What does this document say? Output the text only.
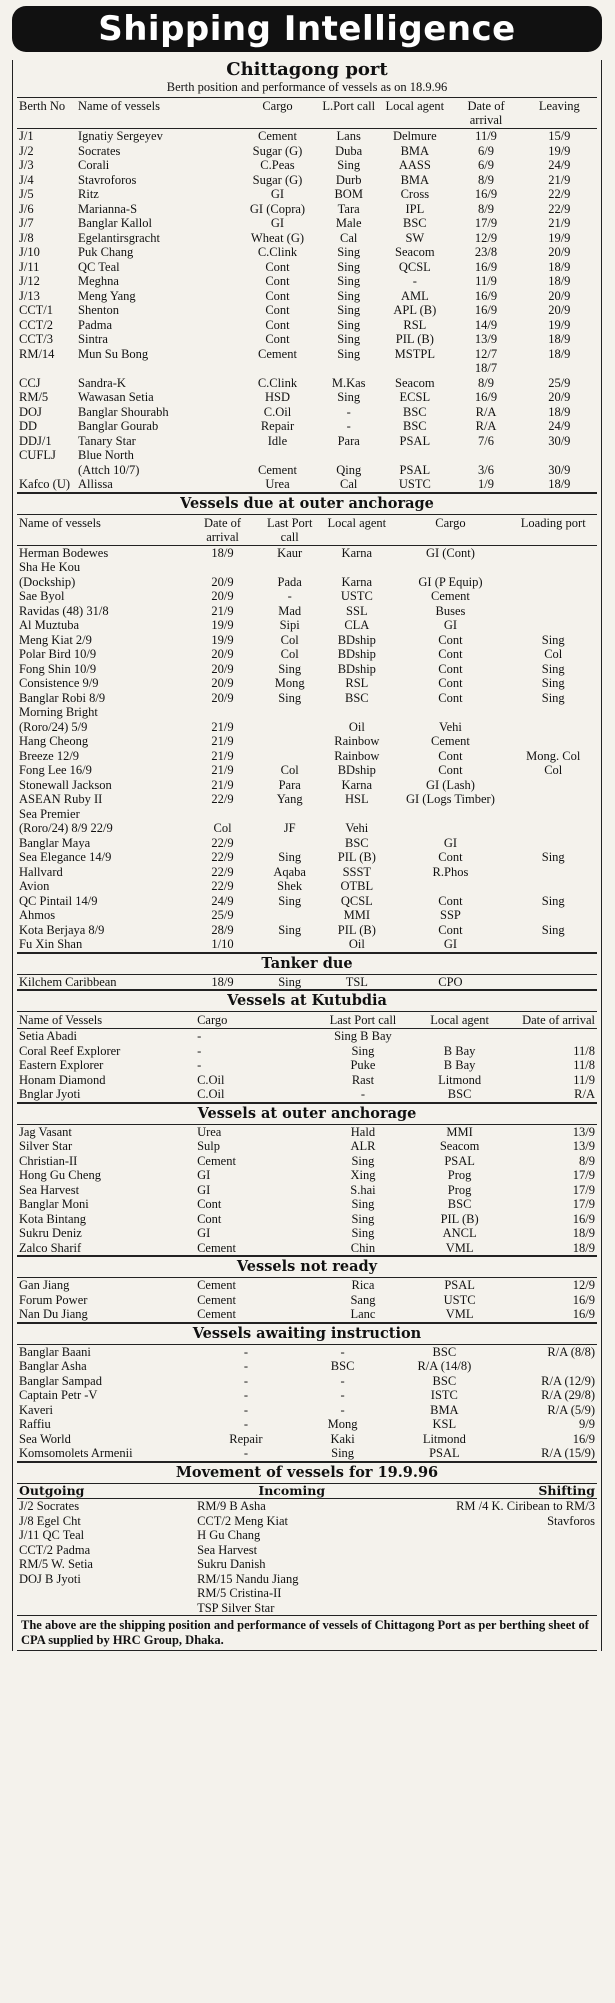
Shipping Intelligence
Chittagong port
Berth position and performance of vessels as on 18.9.96
Berth No	Name of vessels	Cargo	L.Port call	Local agent	Date of arrival	Leaving
J/1	Ignatiy Sergeyev	Cement	Lans	Delmure	11/9	15/9
J/2	Socrates	Sugar (G)	Duba	BMA	6/9	19/9
J/3	Corali	C.Peas	Sing	AASS	6/9	24/9
J/4	Stavroforos	Sugar (G)	Durb	BMA	8/9	21/9
J/5	Ritz	GI	BOM	Cross	16/9	22/9
J/6	Marianna-S	GI (Copra)	Tara	IPL	8/9	22/9
J/7	Banglar Kallol	GI	Male	BSC	17/9	21/9
J/8	Egelantirsgracht	Wheat (G)	Cal	SW	12/9	19/9
J/10	Puk Chang	C.Clink	Sing	Seacom	23/8	20/9
J/11	QC Teal	Cont	Sing	QCSL	16/9	18/9
J/12	Meghna	Cont	Sing	-	11/9	18/9
J/13	Meng Yang	Cont	Sing	AML	16/9	20/9
CCT/1	Shenton	Cont	Sing	APL (B)	16/9	20/9
CCT/2	Padma	Cont	Sing	RSL	14/9	19/9
CCT/3	Sintra	Cont	Sing	PIL (B)	13/9	18/9
RM/14	Mun Su Bong	Cement	Sing	MSTPL	12/7	18/9
					18/7	
CCJ	Sandra-K	C.Clink	M.Kas	Seacom	8/9	25/9
RM/5	Wawasan Setia	HSD	Sing	ECSL	16/9	20/9
DOJ	Banglar Shourabh	C.Oil	-	BSC	R/A	18/9
DD	Banglar Gourab	Repair	-	BSC	R/A	24/9
DDJ/1	Tanary Star	Idle	Para	PSAL	7/6	30/9
CUFLJ	Blue North					
	(Attch 10/7)	Cement	Qing	PSAL	3/6	30/9
Kafco (U)	Allissa	Urea	Cal	USTC	1/9	18/9
Vessels due at outer anchorage
Name of vessels	Date of arrival	Last Port call	Local agent	Cargo	Loading port
Herman Bodewes	18/9	Kaur	Karna	GI (Cont)	
Sha He Kou					
(Dockship)	20/9	Pada	Karna	GI (P Equip)	
Sae Byol	20/9	-	USTC	Cement	
Ravidas (48) 31/8	21/9	Mad	SSL	Buses	
Al Muztuba	19/9	Sipi	CLA	GI	
Meng Kiat 2/9	19/9	Col	BDship	Cont	Sing
Polar Bird 10/9	20/9	Col	BDship	Cont	Col
Fong Shin 10/9	20/9	Sing	BDship	Cont	Sing
Consistence 9/9	20/9	Mong	RSL	Cont	Sing
Banglar Robi 8/9	20/9	Sing	BSC	Cont	Sing
Morning Bright					
(Roro/24) 5/9	21/9		Oil	Vehi	
Hang Cheong	21/9		Rainbow	Cement	
Breeze 12/9	21/9		Rainbow	Cont	Mong. Col
Fong Lee 16/9	21/9	Col	BDship	Cont	Col
Stonewall Jackson	21/9	Para	Karna	GI (Lash)	
ASEAN Ruby II	22/9	Yang	HSL	GI (Logs Timber)	
Sea Premier					
(Roro/24) 8/9 22/9	Col	JF	Vehi		
Banglar Maya	22/9		BSC	GI	
Sea Elegance 14/9	22/9	Sing	PIL (B)	Cont	Sing
Hallvard	22/9	Aqaba	SSST	R.Phos	
Avion	22/9	Shek	OTBL		
QC Pintail 14/9	24/9	Sing	QCSL	Cont	Sing
Ahmos	25/9		MMI	SSP	
Kota Berjaya 8/9	28/9	Sing	PIL (B)	Cont	Sing
Fu Xin Shan	1/10		Oil	GI	
Tanker due
Kilchem Caribbean	18/9	Sing	TSL	CPO
Vessels at Kutubdia
Name of Vessels	Cargo	Last Port call	Local agent	Date of arrival
Setia Abadi	-	Sing B Bay		
Coral Reef Explorer	-	Sing	B Bay	11/8
Eastern Explorer	-	Puke	B Bay	11/8
Honam Diamond	C.Oil	Rast	Litmond	11/9
Bnglar Jyoti	C.Oil	-	BSC	R/A
Vessels at outer anchorage
Jag Vasant	Urea	Hald	MMI	13/9
Silver Star	Sulp	ALR	Seacom	13/9
Christian-II	Cement	Sing	PSAL	8/9
Hong Gu Cheng	GI	Xing	Prog	17/9
Sea Harvest	GI	S.hai	Prog	17/9
Banglar Moni	Cont	Sing	BSC	17/9
Kota Bintang	Cont	Sing	PIL (B)	16/9
Sukru Deniz	GI	Sing	ANCL	18/9
Zalco Sharif	Cement	Chin	VML	18/9
Vessels not ready
Gan Jiang	Cement	Rica	PSAL	12/9
Forum Power	Cement	Sang	USTC	16/9
Nan Du Jiang	Cement	Lanc	VML	16/9
Vessels awaiting instruction
Banglar Baani	-	-	BSC	R/A (8/8)
Banglar Asha	-	BSC	R/A (14/8)	
Banglar Sampad	-	-	BSC	R/A (12/9)
Captain Petr -V	-	-	ISTC	R/A (29/8)
Kaveri	-	-	BMA	R/A (5/9)
Raffiu	-	Mong	KSL	9/9
Sea World	Repair	Kaki	Litmond	16/9
Komsomolets Armenii	-	Sing	PSAL	R/A (15/9)
Movement of vessels for 19.9.96
Outgoing	Incoming	Shifting
J/2 Socrates	RM/9 B Asha	RM /4 K. Ciribean to RM/3
J/8 Egel Cht	CCT/2 Meng Kiat	Stavforos
J/11 QC Teal	H Gu Chang	
CCT/2 Padma	Sea Harvest	
RM/5 W. Setia	Sukru Danish	
DOJ B Jyoti	RM/15 Nandu Jiang	
	RM/5 Cristina-II	
	TSP Silver Star	
The above are the shipping position and performance of vessels of Chittagong Port as per berthing sheet of CPA supplied by HRC Group, Dhaka.
